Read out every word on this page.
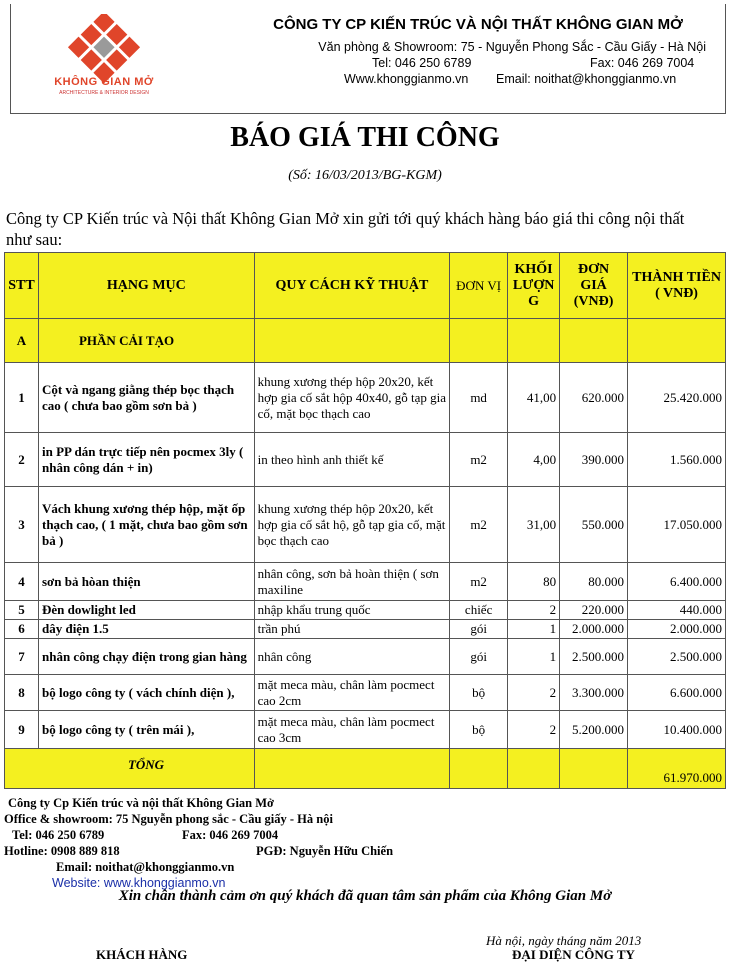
KHÔNG GIAN MỞ
ARCHITECTURE & INTERIOR DESIGN
CÔNG TY CP KIẾN TRÚC VÀ NỘI THẤT KHÔNG GIAN MỞ
Văn phòng & Showroom: 75 - Nguyễn Phong Sắc - Cầu Giấy - Hà Nội
Tel: 046 250 6789	Fax: 046 269 7004
Www.khonggianmo.vn Email: noithat@khonggianmo.vn
BÁO GIÁ THI CÔNG
(Số: 16/03/2013/BG-KGM)
Công ty CP Kiến trúc và Nội thất Không Gian Mở xin gửi tới quý khách hàng báo giá thi công nội thất như sau:
STT	HẠNG MỤC	QUY CÁCH KỸ THUẬT	ĐƠN VỊ	KHỐI LƯỢN G	ĐƠN GIÁ (VNĐ)	THÀNH TIỀN ( VNĐ)
A	PHẦN CẢI TẠO					
1	Cột và ngang giằng thép bọc thạch cao ( chưa bao gồm sơn bả )	khung xương thép hộp 20x20, kết hợp gia cố sắt hộp 40x40, gỗ tạp gia cố, mặt bọc thạch cao	md	41,00	620.000	25.420.000
2	in PP dán trực tiếp nên pocmex 3ly ( nhân công dán + in)	in theo hình anh thiết kế	m2	4,00	390.000	1.560.000
3	Vách khung xương thép hộp, mặt ốp thạch cao, ( 1 mặt, chưa bao gồm sơn bả )	khung xương thép hộp 20x20, kết hợp gia cố sắt hộ, gỗ tạp gia cố, mặt bọc thạch cao	m2	31,00	550.000	17.050.000
4	sơn bả hòan thiện	nhân công, sơn bả hoàn thiện ( sơn maxiline	m2	80	80.000	6.400.000
5	Đèn dowlight led	nhập khẩu trung quốc	chiếc	2	220.000	440.000
6	dây điện 1.5	trần phú	gói	1	2.000.000	2.000.000
7	nhân công chạy điện trong gian hàng	nhân công	gói	1	2.500.000	2.500.000
8	bộ logo công ty ( vách chính diện ),	mặt meca màu, chân làm pocmect cao 2cm	bộ	2	3.300.000	6.600.000
9	bộ logo công ty ( trên mái ),	mặt meca màu, chân làm pocmect cao 3cm	bộ	2	5.200.000	10.400.000
	TỔNG					61.970.000
Công ty Cp Kiến trúc và nội thất Không Gian Mở
Office & showroom: 75 Nguyễn phong sắc - Cầu giấy - Hà nội
Tel: 046 250 6789	Fax: 046 269 7004
Hotline: 0908 889 818	PGĐ: Nguyễn Hữu Chiến
Email: noithat@khonggianmo.vn
Website: www.khonggianmo.vn
Xin chân thành cảm ơn quý khách đã quan tâm sản phẩm của Không Gian Mở
Hà nội, ngày tháng năm 2013
KHÁCH HÀNG	ĐẠI DIỆN CÔNG TY
